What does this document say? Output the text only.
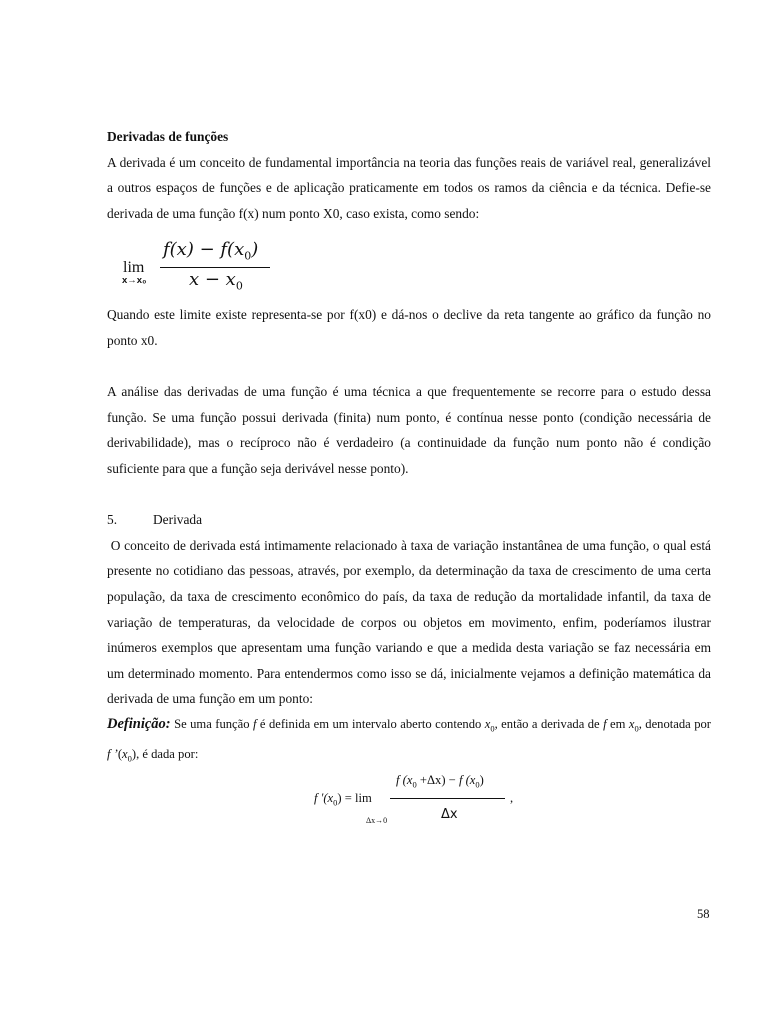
Derivadas de funções

A derivada é um conceito de fundamental importância na teoria das funções reais de variável real, generalizável a outros espaços de funções e de aplicação praticamente em todos os ramos da ciência e da técnica. Defie-se derivada de uma função f(x) num ponto X0, caso exista, como sendo:

lim
x→x₀
$f(x) - f(x_0)$
$x - x_0$

Quando este limite existe representa-se por f(x0) e dá-nos o declive da reta tangente ao gráfico da função no ponto x0.

A análise das derivadas de uma função é uma técnica a que frequentemente se recorre para o estudo dessa função. Se uma função possui derivada (finita) num ponto, é contínua nesse ponto (condição necessária de derivabilidade), mas o recíproco não é verdadeiro (a continuidade da função num ponto não é condição suficiente para que a função seja derivável nesse ponto).

5.	Derivada

O conceito de derivada está intimamente relacionado à taxa de variação instantânea de uma função, o qual está presente no cotidiano das pessoas, através, por exemplo, da determinação da taxa de crescimento de uma certa população, da taxa de crescimento econômico do país, da taxa de redução da mortalidade infantil, da taxa de variação de temperaturas, da velocidade de corpos ou objetos em movimento, enfim, poderíamos ilustrar inúmeros exemplos que apresentam uma função variando e que a medida desta variação se faz necessária em um determinado momento. Para entendermos como isso se dá, inicialmente vejamos a definição matemática da derivada de uma função em um ponto:

Definição: Se uma função f é definida em um intervalo aberto contendo $x_0$, então a derivada de f em $x_0$, denotada por f $’(x_0)$, é dada por:

f '$(x_0) = \lim$
f $(x_0 +\Delta x) - f$ $(x_0)$
,
Δx
Δx→0
58
